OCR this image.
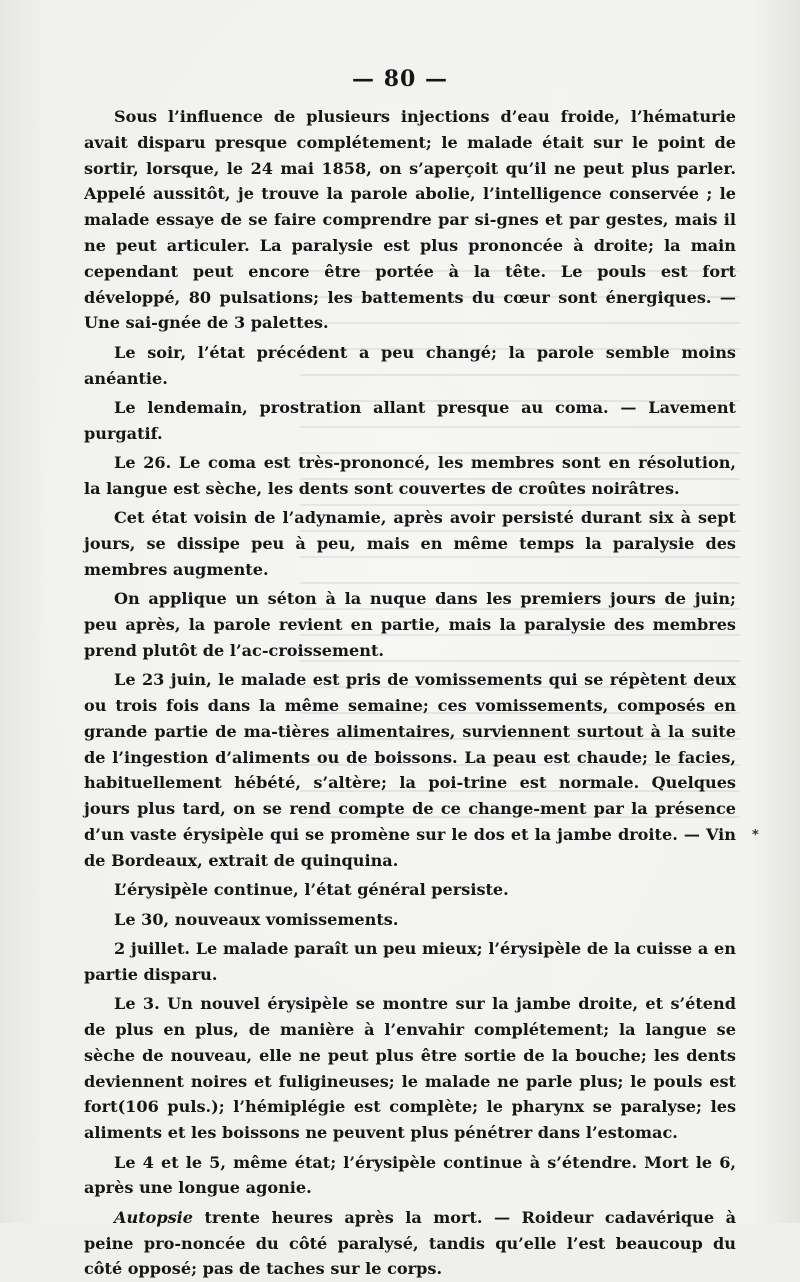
— 80 —

Sous l’influence de plusieurs injections d’eau froide, l’hématurie avait disparu presque complétement; le malade était sur le point de sortir, lorsque, le 24 mai 1858, on s’aperçoit qu’il ne peut plus parler. Appelé aussitôt, je trouve la parole abolie, l’intelligence conservée ; le malade essaye de se faire comprendre par si-gnes et par gestes, mais il ne peut articuler. La paralysie est plus prononcée à droite; la main cependant peut encore être portée à la tête. Le pouls est fort développé, 80 pulsations; les battements du cœur sont énergiques. — Une sai-gnée de 3 palettes.

Le soir, l’état précédent a peu changé; la parole semble moins anéantie.

Le lendemain, prostration allant presque au coma. — Lavement purgatif.

Le 26. Le coma est très-prononcé, les membres sont en résolution, la langue est sèche, les dents sont couvertes de croûtes noirâtres.

Cet état voisin de l’adynamie, après avoir persisté durant six à sept jours, se dissipe peu à peu, mais en même temps la paralysie des membres augmente.

On applique un séton à la nuque dans les premiers jours de juin; peu après, la parole revient en partie, mais la paralysie des membres prend plutôt de l’ac-croissement.

Le 23 juin, le malade est pris de vomissements qui se répètent deux ou trois fois dans la même semaine; ces vomissements, composés en grande partie de ma-tières alimentaires, surviennent surtout à la suite de l’ingestion d’aliments ou de boissons. La peau est chaude; le facies, habituellement hébété, s’altère; la poi-trine est normale. Quelques jours plus tard, on se rend compte de ce change-ment par la présence d’un vaste érysipèle qui se promène sur le dos et la jambe droite. — Vin de Bordeaux, extrait de quinquina.

L’érysipèle continue, l’état général persiste.

Le 30, nouveaux vomissements.

2 juillet. Le malade paraît un peu mieux; l’érysipèle de la cuisse a en partie disparu.

Le 3. Un nouvel érysipèle se montre sur la jambe droite, et s’étend de plus en plus, de manière à l’envahir complétement; la langue se sèche de nouveau, elle ne peut plus être sortie de la bouche; les dents deviennent noires et fuligineuses; le malade ne parle plus; le pouls est fort(106 puls.); l’hémiplégie est complète; le pharynx se paralyse; les aliments et les boissons ne peuvent plus pénétrer dans l’estomac.

Le 4 et le 5, même état; l’érysipèle continue à s’étendre. Mort le 6, après une longue agonie.

Autopsie trente heures après la mort. — Roideur cadavérique à peine pro-noncée du côté paralysé, tandis qu’elle l’est beaucoup du côté opposé; pas de taches sur le corps.

*
